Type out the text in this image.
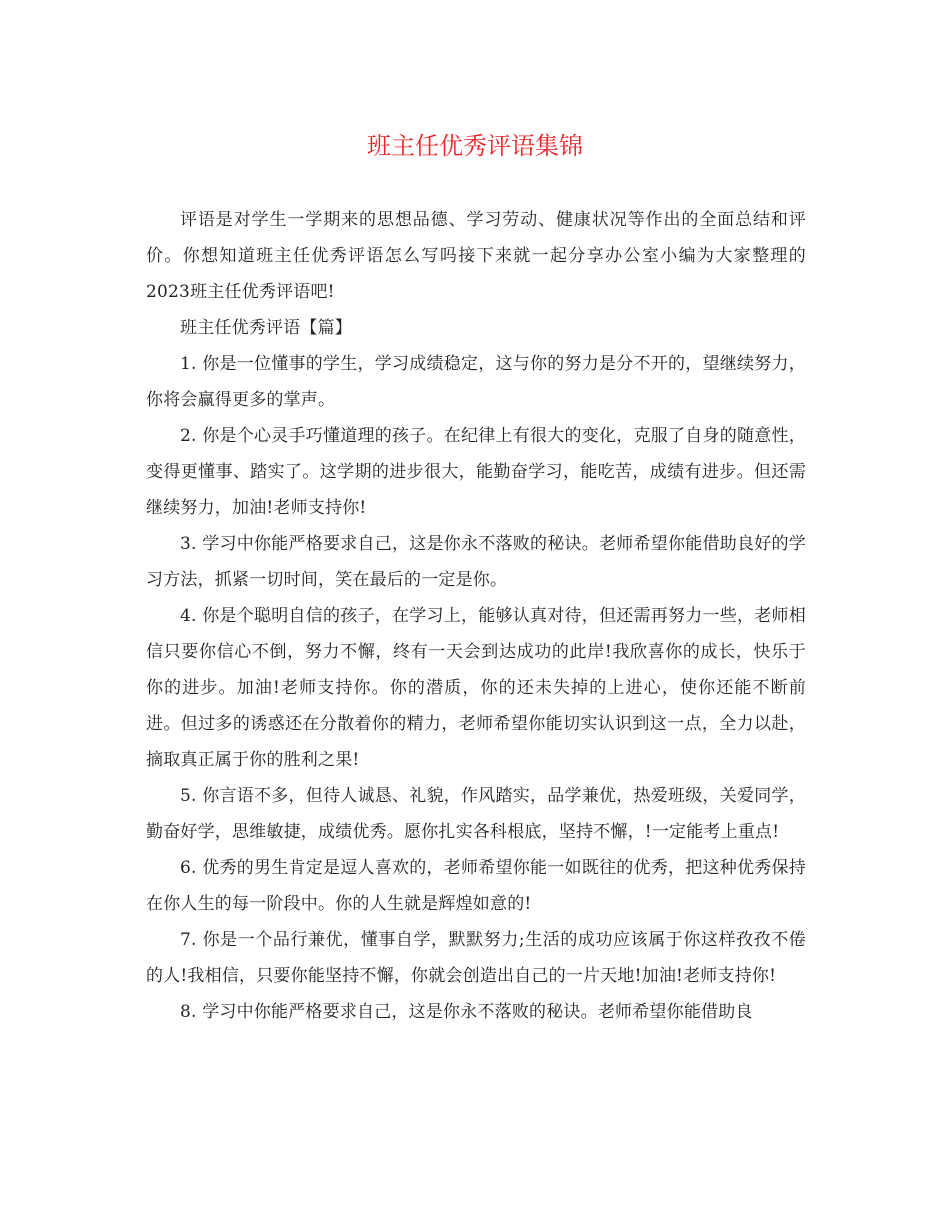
班主任优秀评语集锦

评语是对学生一学期来的思想品德、学习劳动、健康状况等作出的全面总结和评价。你想知道班主任优秀评语怎么写吗接下来就一起分享办公室小编为大家整理的2023班主任优秀评语吧!

班主任优秀评语【篇】

1. 你是一位懂事的学生，学习成绩稳定，这与你的努力是分不开的，望继续努力，你将会赢得更多的掌声。

2. 你是个心灵手巧懂道理的孩子。在纪律上有很大的变化，克服了自身的随意性，变得更懂事、踏实了。这学期的进步很大，能勤奋学习，能吃苦，成绩有进步。但还需继续努力，加油!老师支持你!

3. 学习中你能严格要求自己，这是你永不落败的秘诀。老师希望你能借助良好的学习方法，抓紧一切时间，笑在最后的一定是你。

4. 你是个聪明自信的孩子，在学习上，能够认真对待，但还需再努力一些，老师相信只要你信心不倒，努力不懈，终有一天会到达成功的此岸!我欣喜你的成长，快乐于你的进步。加油!老师支持你。你的潜质，你的还未失掉的上进心，使你还能不断前进。但过多的诱惑还在分散着你的精力，老师希望你能切实认识到这一点，全力以赴，摘取真正属于你的胜利之果!

5. 你言语不多，但待人诚恳、礼貌，作风踏实，品学兼优，热爱班级，关爱同学，勤奋好学，思维敏捷，成绩优秀。愿你扎实各科根底，坚持不懈，!一定能考上重点!

6. 优秀的男生肯定是逗人喜欢的，老师希望你能一如既往的优秀，把这种优秀保持在你人生的每一阶段中。你的人生就是辉煌如意的!

7. 你是一个品行兼优，懂事自学，默默努力;生活的成功应该属于你这样孜孜不倦的人!我相信，只要你能坚持不懈，你就会创造出自己的一片天地!加油!老师支持你!

8. 学习中你能严格要求自己，这是你永不落败的秘诀。老师希望你能借助良
